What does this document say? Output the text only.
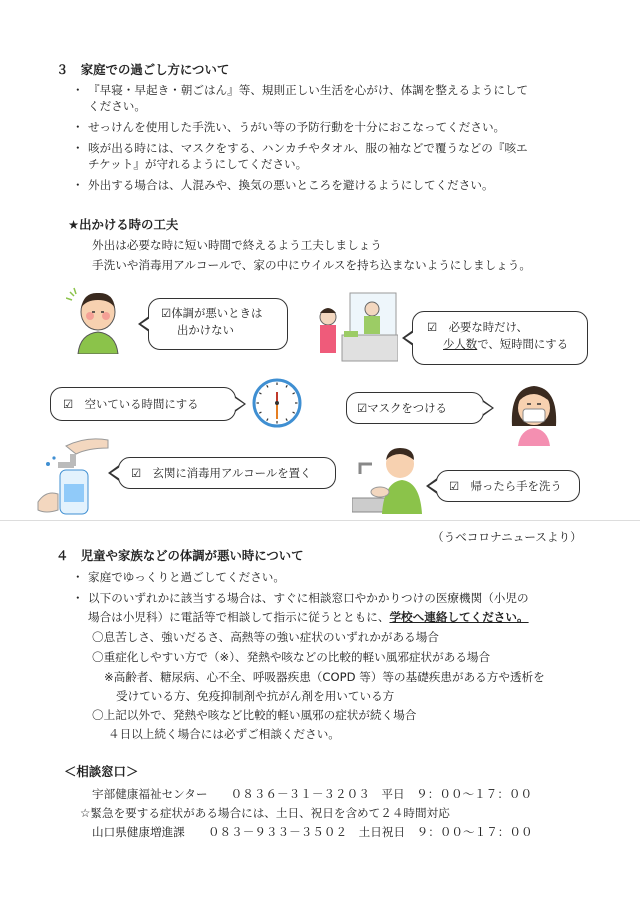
３　家庭での過ごし方について
・ 『早寝・早起き・朝ごはん』等、規則正しい生活を心がけ、体調を整えるようにして
ください。
・ せっけんを使用した手洗い、うがい等の予防行動を十分におこなってください。
・ 咳が出る時には、マスクをする、ハンカチやタオル、服の袖などで覆うなどの『咳エ
チケット』が守れるようにしてください。
・ 外出する場合は、人混みや、換気の悪いところを避けるようにしてください。
★出かける時の工夫
外出は必要な時に短い時間で終えるよう工夫しましょう
手洗いや消毒用アルコールで、家の中にウイルスを持ち込まないようにしましょう。
☑体調が悪いときは
出かけない	☑　必要な時だけ、
少人数で、短時間にする
☑　空いている時間にする	☑マスクをつける
☑　玄関に消毒用アルコールを置く
☑　帰ったら手を洗う
（うべコロナニュースより）
４　児童や家族などの体調が悪い時について
・ 家庭でゆっくりと過ごしてください。
・ 以下のいずれかに該当する場合は、すぐに相談窓口やかかりつけの医療機関（小児の
場合は小児科）に電話等で相談して指示に従うとともに、学校へ連絡してください。
〇息苦しさ、強いだるさ、高熱等の強い症状のいずれかがある場合
〇重症化しやすい方で（※）、発熱や咳などの比較的軽い風邪症状がある場合
※高齢者、糖尿病、心不全、呼吸器疾患（COPD 等）等の基礎疾患がある方や透析を
受けている方、免疫抑制剤や抗がん剤を用いている方
〇上記以外で、発熱や咳など比較的軽い風邪の症状が続く場合
４日以上続く場合には必ずご相談ください。
＜相談窓口＞
宇部健康福祉センター　　０８３６－３１－３２０３　平日　９：００～１７：００
☆緊急を要する症状がある場合には、土日、祝日を含めて２４時間対応
山口県健康増進課　　０８３－９３３－３５０２　土日祝日　９：００～１７：００
